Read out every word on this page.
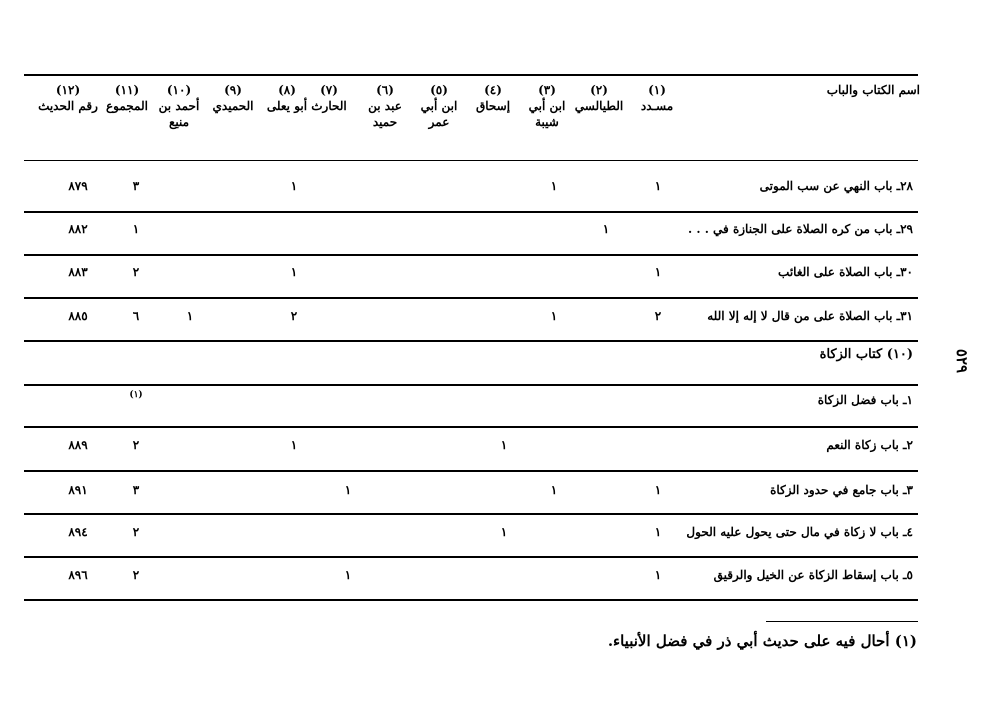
اسم الكتاب والباب
(١)
مسـدد
(٢)
الطيالسي
(٣)
ابن أبي
شيبة
(٤)
إسحاق
(٥)
ابن أبي
عمر
(٦)
عبد بن
حميد
(٧)
الحارث
(٨)
أبو يعلى
(٩)
الحميدي
(١٠)
أحمد بن
منيع
(١١)
المجموع
(١٢)
رقم الحديث
٢٨ـ باب النهي عن سب الموتى
١
١
١
٣
٨٧٩
٢٩ـ باب من كره الصلاة على الجنازة في . . .
١
١
٨٨٢
٣٠ـ باب الصلاة على الغائب
١
١
٢
٨٨٣
٣١ـ باب الصلاة على من قال لا إله إلا الله
٢
١
٢
١
٦
٨٨٥
(١٠) كتاب الزكاة
١ـ باب فضل الزكاة
(١)
٢ـ باب زكاة النعم
١
١
٢
٨٨٩
٣ـ باب جامع في حدود الزكاة
١
١
١
٣
٨٩١
٤ـ باب لا زكاة في مال حتى يحول عليه الحول
١
١
٢
٨٩٤
٥ـ باب إسقاط الزكاة عن الخيل والرقيق
١
١
٢
٨٩٦
٥٢٩
(١) أحال فيه على حديث أبي ذر في فضل الأنبياء.
